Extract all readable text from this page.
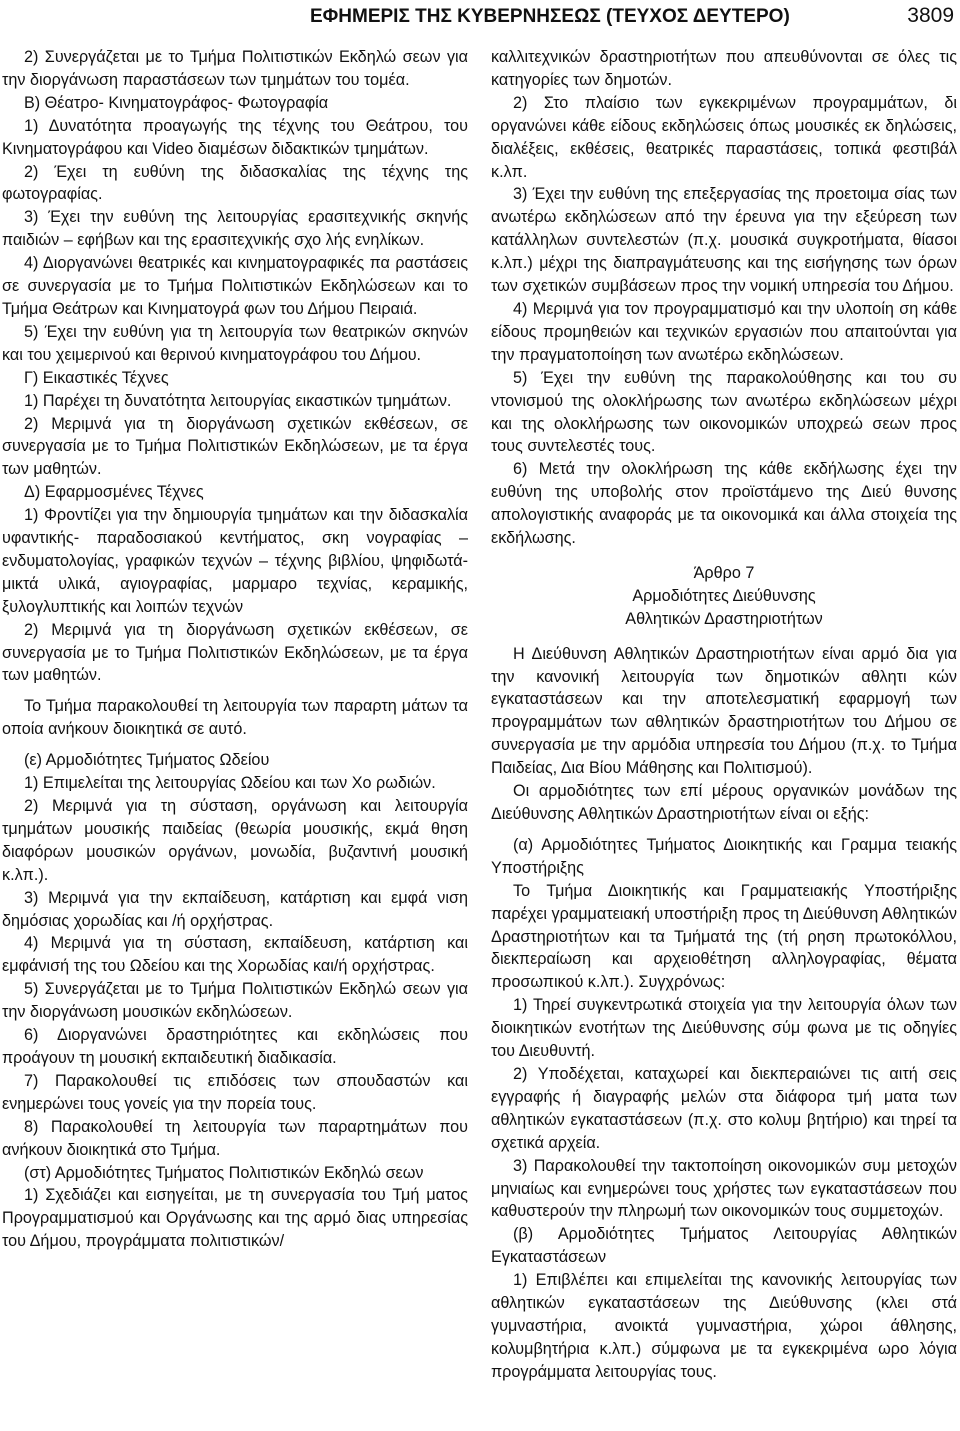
ΕΦΗΜΕΡΙΣ ΤΗΣ ΚΥΒΕΡΝΗΣΕΩΣ (ΤΕΥΧΟΣ ΔΕΥΤΕΡΟ)	3809

2) Συνεργάζεται με το Τμήμα Πολιτιστικών Εκδηλώ σεων για την διοργάνωση παραστάσεων των τμημάτων του τομέα.

Β) Θέατρο- Κινηματογράφος- Φωτογραφία

1) Δυνατότητα προαγωγής της τέχνης του Θεάτρου, του Κινηματογράφου και Video διαμέσων διδακτικών τμημάτων.

2) Έχει τη ευθύνη της διδασκαλίας της τέχνης της φωτογραφίας.

3) Έχει την ευθύνη της λειτουργίας ερασιτεχνικής σκηνής παιδιών – εφήβων και της ερασιτεχνικής σχο λής ενηλίκων.

4) Διοργανώνει θεατρικές και κινηματογραφικές πα ραστάσεις σε συνεργασία με το Τμήμα Πολιτιστικών Εκδηλώσεων και το Τμήμα Θεάτρων και Κινηματογρά φων του Δήμου Πειραιά.

5) Έχει την ευθύνη για τη λειτουργία των θεατρικών σκηνών και του χειμερινού και θερινού κινηματογράφου του Δήμου.

Γ) Εικαστικές Τέχνες

1) Παρέχει τη δυνατότητα λειτουργίας εικαστικών τμημάτων.

2) Μεριμνά για τη διοργάνωση σχετικών εκθέσεων, σε συνεργασία με το Τμήμα Πολιτιστικών Εκδηλώσεων, με τα έργα των μαθητών.

Δ) Εφαρμοσμένες Τέχνες

1) Φροντίζει για την δημιουργία τμημάτων και την διδασκαλία υφαντικής- παραδοσιακού κεντήματος, σκη νογραφίας – ενδυματολογίας, γραφικών τεχνών – τέχνης βιβλίου, ψηφιδωτά- μικτά υλικά, αγιογραφίας, μαρμαρο τεχνίας, κεραμικής, ξυλογλυπτικής και λοιπών τεχνών

2) Μεριμνά για τη διοργάνωση σχετικών εκθέσεων, σε συνεργασία με το Τμήμα Πολιτιστικών Εκδηλώσεων, με τα έργα των μαθητών.

Το Τμήμα παρακολουθεί τη λειτουργία των παραρτη μάτων τα οποία ανήκουν διοικητικά σε αυτό.

(ε) Αρμοδιότητες Τμήματος Ωδείου

1) Επιμελείται της λειτουργίας Ωδείου και των Χο ρωδιών.

2) Μεριμνά για τη σύσταση, οργάνωση και λειτουργία τμημάτων μουσικής παιδείας (θεωρία μουσικής, εκμά θηση διαφόρων μουσικών οργάνων, μονωδία, βυζαντινή μουσική κ.λπ.).

3) Μεριμνά για την εκπαίδευση, κατάρτιση και εμφά νιση δημόσιας χορωδίας και /ή ορχήστρας.

4) Μεριμνά για τη σύσταση, εκπαίδευση, κατάρτιση και εμφάνισή της του Ωδείου και της Χορωδίας και/ή ορχήστρας.

5) Συνεργάζεται με το Τμήμα Πολιτιστικών Εκδηλώ σεων για την διοργάνωση μουσικών εκδηλώσεων.

6) Διοργανώνει δραστηριότητες και εκδηλώσεις που προάγουν τη μουσική εκπαιδευτική διαδικασία.

7) Παρακολουθεί τις επιδόσεις των σπουδαστών και ενημερώνει τους γονείς για την πορεία τους.

8) Παρακολουθεί τη λειτουργία των παραρτημάτων που ανήκουν διοικητικά στο Τμήμα.

(στ) Αρμοδιότητες Τμήματος Πολιτιστικών Εκδηλώ σεων

1) Σχεδιάζει και εισηγείται, με τη συνεργασία του Τμή ματος Προγραμματισμού και Οργάνωσης και της αρμό διας υπηρεσίας του Δήμου, προγράμματα πολιτιστικών/

καλλιτεχνικών δραστηριοτήτων που απευθύνονται σε όλες τις κατηγορίες των δημοτών.

2) Στο πλαίσιο των εγκεκριμένων προγραμμάτων, δι οργανώνει κάθε είδους εκδηλώσεις όπως μουσικές εκ δηλώσεις, διαλέξεις, εκθέσεις, θεατρικές παραστάσεις, τοπικά φεστιβάλ κ.λπ.

3) Έχει την ευθύνη της επεξεργασίας της προετοιμα σίας των ανωτέρω εκδηλώσεων από την έρευνα για την εξεύρεση των κατάλληλων συντελεστών (π.χ. μουσικά συγκροτήματα, θίασοι κ.λπ.) μέχρι της διαπραγμάτευσης και της εισήγησης των όρων των σχετικών συμβάσεων προς την νομική υπηρεσία του Δήμου.

4) Μεριμνά για τον προγραμματισμό και την υλοποίη ση κάθε είδους προμηθειών και τεχνικών εργασιών που απαιτούνται για την πραγματοποίηση των ανωτέρω εκδηλώσεων.

5) Έχει την ευθύνη της παρακολούθησης και του συ ντονισμού της ολοκλήρωσης των ανωτέρω εκδηλώσεων μέχρι και της ολοκλήρωσης των οικονομικών υποχρεώ σεων προς τους συντελεστές τους.

6) Μετά την ολοκλήρωση της κάθε εκδήλωσης έχει την ευθύνη της υποβολής στον προϊστάμενο της Διεύ θυνσης απολογιστικής αναφοράς με τα οικονομικά και άλλα στοιχεία της εκδήλωσης.

Άρθρο 7

Αρμοδιότητες Διεύθυνσης

Αθλητικών Δραστηριοτήτων

Η Διεύθυνση Αθλητικών Δραστηριοτήτων είναι αρμό δια για την κανονική λειτουργία των δημοτικών αθλητι κών εγκαταστάσεων και την αποτελεσματική εφαρμογή των προγραμμάτων των αθλητικών δραστηριοτήτων του Δήμου σε συνεργασία με την αρμόδια υπηρεσία του Δήμου (π.χ. το Τμήμα Παιδείας, Δια Βίου Μάθησης και Πολιτισμού).

Οι αρμοδιότητες των επί μέρους οργανικών μονάδων της Διεύθυνσης Αθλητικών Δραστηριοτήτων είναι οι εξής:

(α) Αρμοδιότητες Τμήματος Διοικητικής και Γραμμα τειακής Υποστήριξης

Το Τμήμα Διοικητικής και Γραμματειακής Υποστήριξης παρέχει γραμματειακή υποστήριξη προς τη Διεύθυνση Αθλητικών Δραστηριοτήτων και τα Τμήματά της (τή ρηση πρωτοκόλλου, διεκπεραίωση και αρχειοθέτηση αλληλογραφίας, θέματα προσωπικού κ.λπ.). Συγχρόνως:

1) Τηρεί συγκεντρωτικά στοιχεία για την λειτουργία όλων των διοικητικών ενοτήτων της Διεύθυνσης σύμ φωνα με τις οδηγίες του Διευθυντή.

2) Υποδέχεται, καταχωρεί και διεκπεραιώνει τις αιτή σεις εγγραφής ή διαγραφής μελών στα διάφορα τμή ματα των αθλητικών εγκαταστάσεων (π.χ. στο κολυμ βητήριο) και τηρεί τα σχετικά αρχεία.

3) Παρακολουθεί την τακτοποίηση οικονομικών συμ μετοχών μηνιαίως και ενημερώνει τους χρήστες των εγκαταστάσεων που καθυστερούν την πληρωμή των οικονομικών τους συμμετοχών.

(β) Αρμοδιότητες Τμήματος Λειτουργίας Αθλητικών Εγκαταστάσεων

1) Επιβλέπει και επιμελείται της κανονικής λειτουργίας των αθλητικών εγκαταστάσεων της Διεύθυνσης (κλει στά γυμναστήρια, ανοικτά γυμναστήρια, χώροι άθλησης, κολυμβητήρια κ.λπ.) σύμφωνα με τα εγκεκριμένα ωρο λόγια προγράμματα λειτουργίας τους.
